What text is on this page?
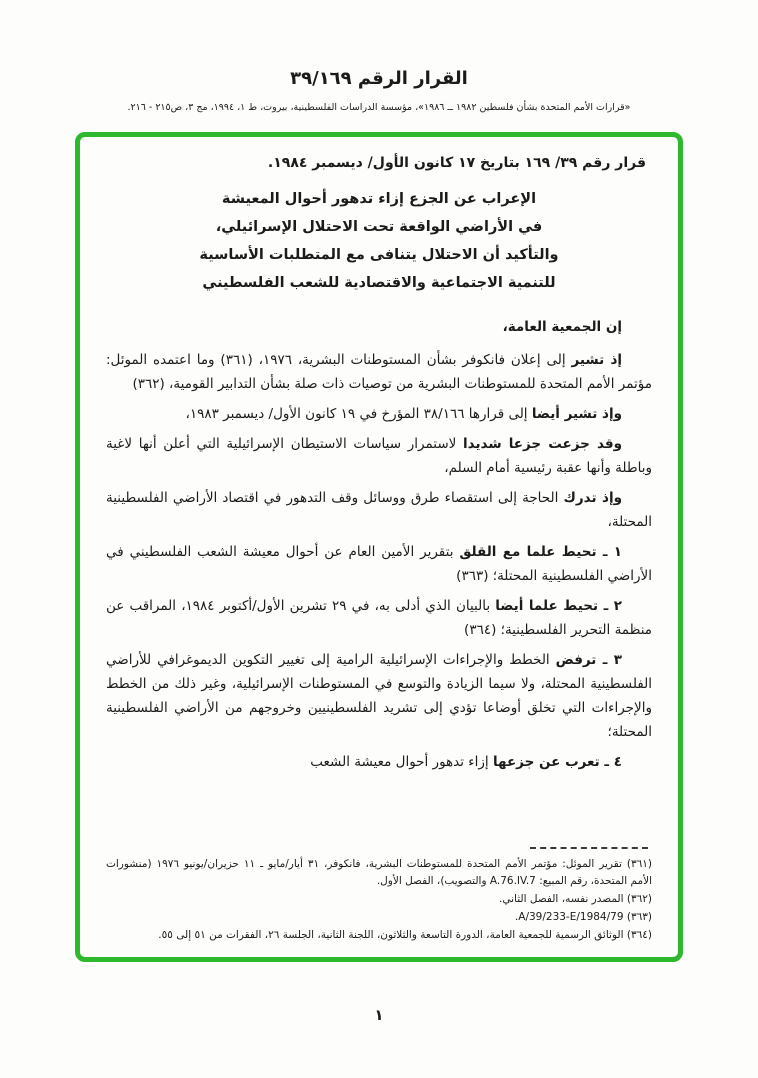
القرار الرقم ٣٩/١٦٩
«قرارات الأمم المتحدة بشأن فلسطين ١٩٨٢ ــ ١٩٨٦»، مؤسسة الدراسات الفلسطينية، بيروت، ط ١، ١٩٩٤، مج ٣، ص٢١٥ - ٢١٦.

قرار رقم ٣٩/ ١٦٩ بتاريخ ١٧ كانون الأول/ ديسمبر ١٩٨٤.

الإعراب عن الجزع إزاء تدهور أحوال المعيشة
في الأراضي الواقعة تحت الاحتلال الإسرائيلي،
والتأكيد أن الاحتلال يتنافى مع المتطلبات الأساسية
للتنمية الاجتماعية والاقتصادية للشعب الفلسطيني

إن الجمعية العامة،

إذ تشير إلى إعلان فانكوفر بشأن المستوطنات البشرية، ١٩٧٦، (٣٦١) وما اعتمده الموئل: مؤتمر الأمم المتحدة للمستوطنات البشرية من توصيات ذات صلة بشأن التدابير القومية، (٣٦٢)

وإذ تشير أيضا إلى قرارها ٣٨/١٦٦ المؤرخ في ١٩ كانون الأول/ ديسمبر ١٩٨٣،

وقد جزعت جزعا شديدا لاستمرار سياسات الاستيطان الإسرائيلية التي أعلن أنها لاغية وباطلة وأنها عقبة رئيسية أمام السلم،

وإذ تدرك الحاجة إلى استقصاء طرق ووسائل وقف التدهور في اقتصاد الأراضي الفلسطينية المحتلة،

١ ـ تحيط علما مع القلق بتقرير الأمين العام عن أحوال معيشة الشعب الفلسطيني في الأراضي الفلسطينية المحتلة؛ (٣٦٣)

٢ ـ تحيط علما أيضا بالبيان الذي أدلى به، في ٢٩ تشرين الأول/أكتوبر ١٩٨٤، المراقب عن منظمة التحرير الفلسطينية؛ (٣٦٤)

٣ ـ ترفض الخطط والإجراءات الإسرائيلية الرامية إلى تغيير التكوين الديموغرافي للأراضي الفلسطينية المحتلة، ولا سيما الزيادة والتوسع في المستوطنات الإسرائيلية، وغير ذلك من الخطط والإجراءات التي تخلق أوضاعا تؤدي إلى تشريد الفلسطينيين وخروجهم من الأراضي الفلسطينية المحتلة؛

٤ ـ تعرب عن جزعها إزاء تدهور أحوال معيشة الشعب

(٣٦١) تقرير الموئل: مؤتمر الأمم المتحدة للمستوطنات البشرية، فانكوفر، ٣١ أيار/مايو ـ ١١ حزيران/يونيو ١٩٧٦ (منشورات الأمم المتحدة، رقم المبيع: A.76.IV.7 والتصويب)، الفصل الأول.

(٣٦٢) المصدر نفسه، الفصل الثاني.

(٣٦٣) A/39/233-E/1984/79.

(٣٦٤) الوثائق الرسمية للجمعية العامة، الدورة التاسعة والثلاثون، اللجنة الثانية، الجلسة ٢٦، الفقرات من ٥١ إلى ٥٥.

١
